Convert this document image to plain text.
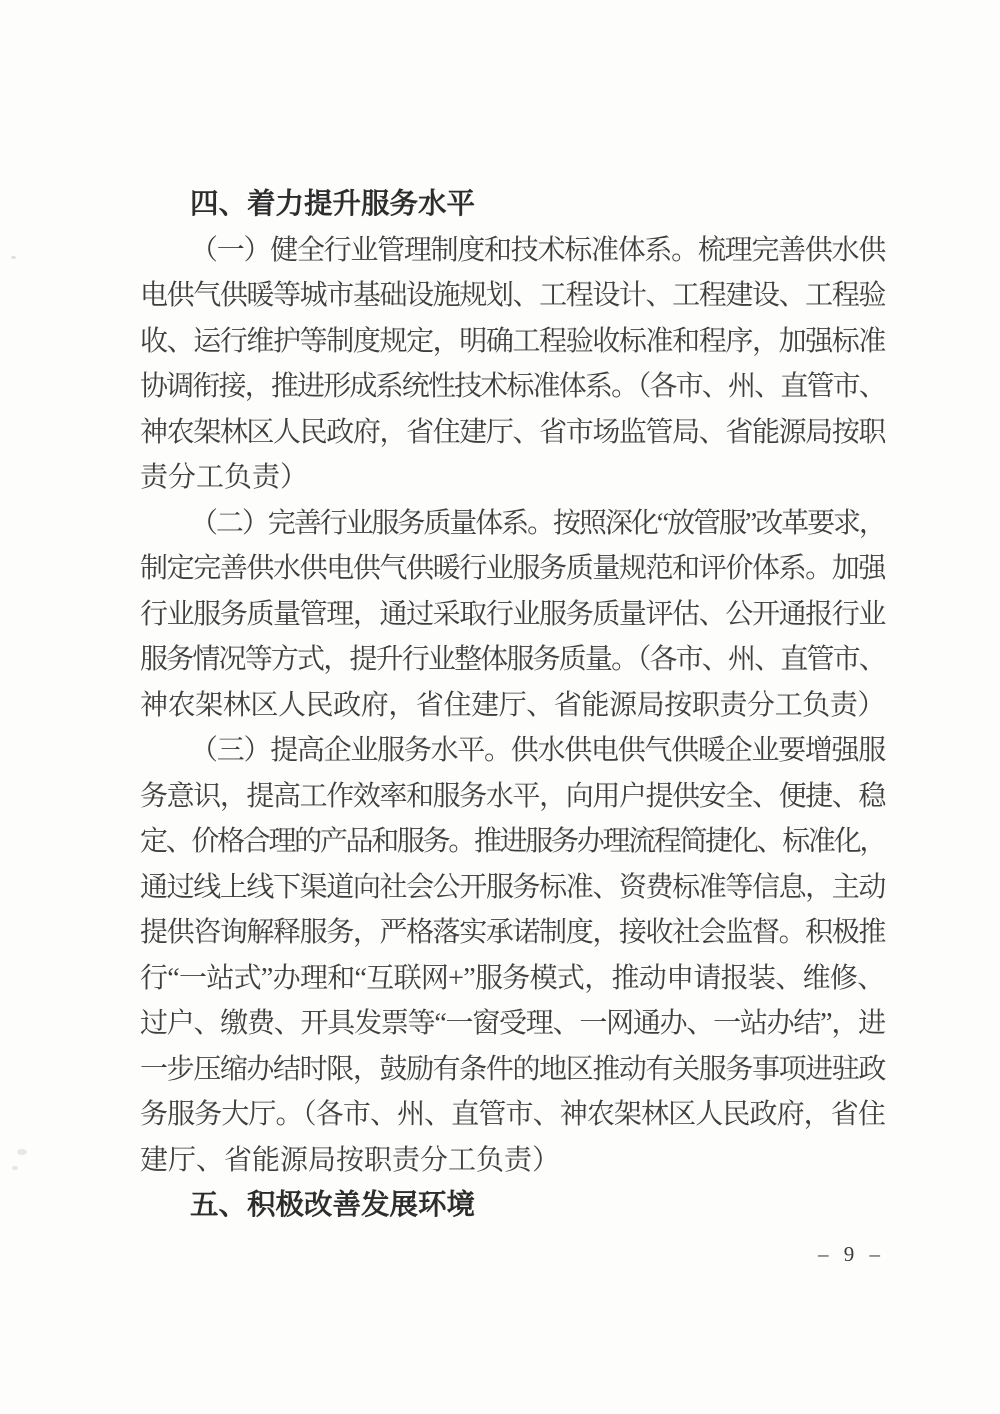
四、着力提升服务水平
（一）健全行业管理制度和技术标准体系。梳理完善供水供
电供气供暖等城市基础设施规划、工程设计、工程建设、工程验
收、运行维护等制度规定，明确工程验收标准和程序，加强标准
协调衔接，推进形成系统性技术标准体系。（各市、州、直管市、
神农架林区人民政府，省住建厅、省市场监管局、省能源局按职
责分工负责）
（二）完善行业服务质量体系。按照深化“放管服”改革要求，
制定完善供水供电供气供暖行业服务质量规范和评价体系。加强
行业服务质量管理，通过采取行业服务质量评估、公开通报行业
服务情况等方式，提升行业整体服务质量。（各市、州、直管市、
神农架林区人民政府，省住建厅、省能源局按职责分工负责）
（三）提高企业服务水平。供水供电供气供暖企业要增强服
务意识，提高工作效率和服务水平，向用户提供安全、便捷、稳
定、价格合理的产品和服务。推进服务办理流程简捷化、标准化，
通过线上线下渠道向社会公开服务标准、资费标准等信息，主动
提供咨询解释服务，严格落实承诺制度，接收社会监督。积极推
行“一站式”办理和“互联网+”服务模式，推动申请报装、维修、
过户、缴费、开具发票等“一窗受理、一网通办、一站办结”，进
一步压缩办结时限，鼓励有条件的地区推动有关服务事项进驻政
务服务大厅。（各市、州、直管市、神农架林区人民政府，省住
建厅、省能源局按职责分工负责）
五、积极改善发展环境
– 9 –
